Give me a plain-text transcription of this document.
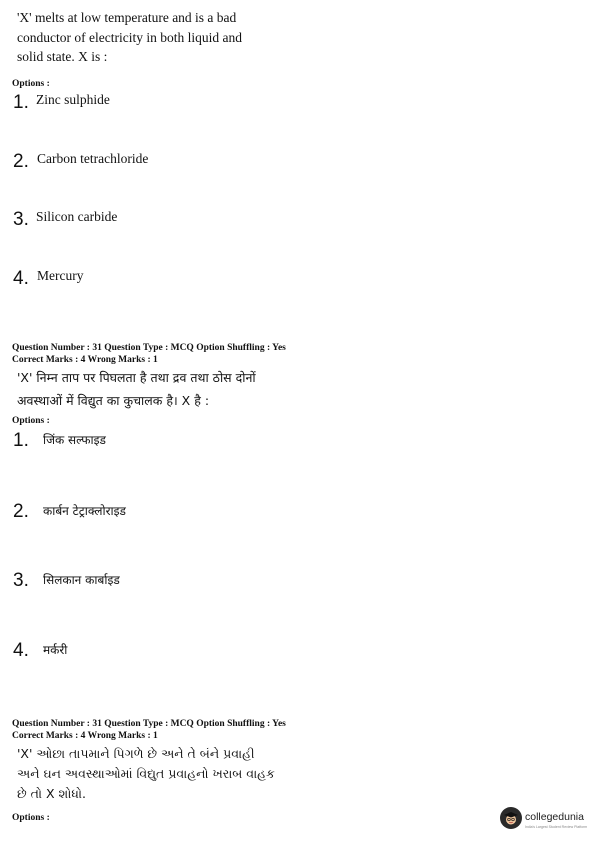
'X' melts at low temperature and is a bad
conductor of electricity in both liquid and
solid state. X is :
Options :
1. Zinc sulphide
2. Carbon tetrachloride
3. Silicon carbide
4. Mercury
Question Number : 31 Question Type : MCQ Option Shuffling : Yes
Correct Marks : 4 Wrong Marks : 1
'X' निम्न ताप पर पिघलता है तथा द्रव तथा ठोस दोनों
अवस्थाओं में विद्युत का कुचालक है। X है :
Options :
1. जिंक सल्फाइड
2. कार्बन टेट्राक्लोराइड
3. सिलकान कार्बाइड
4. मर्करी
Question Number : 31 Question Type : MCQ Option Shuffling : Yes
Correct Marks : 4 Wrong Marks : 1
'X' ઓછા તાપમાને પિગળે છે અને તે બંને પ્રવાહી
અને ઘન અવસ્થાઓમાં વિદ્યુત પ્રવાહનો ખરાબ વાહક
છે તો X શોધો.
Options :	collegedunia
India's Largest Student Review Platform
